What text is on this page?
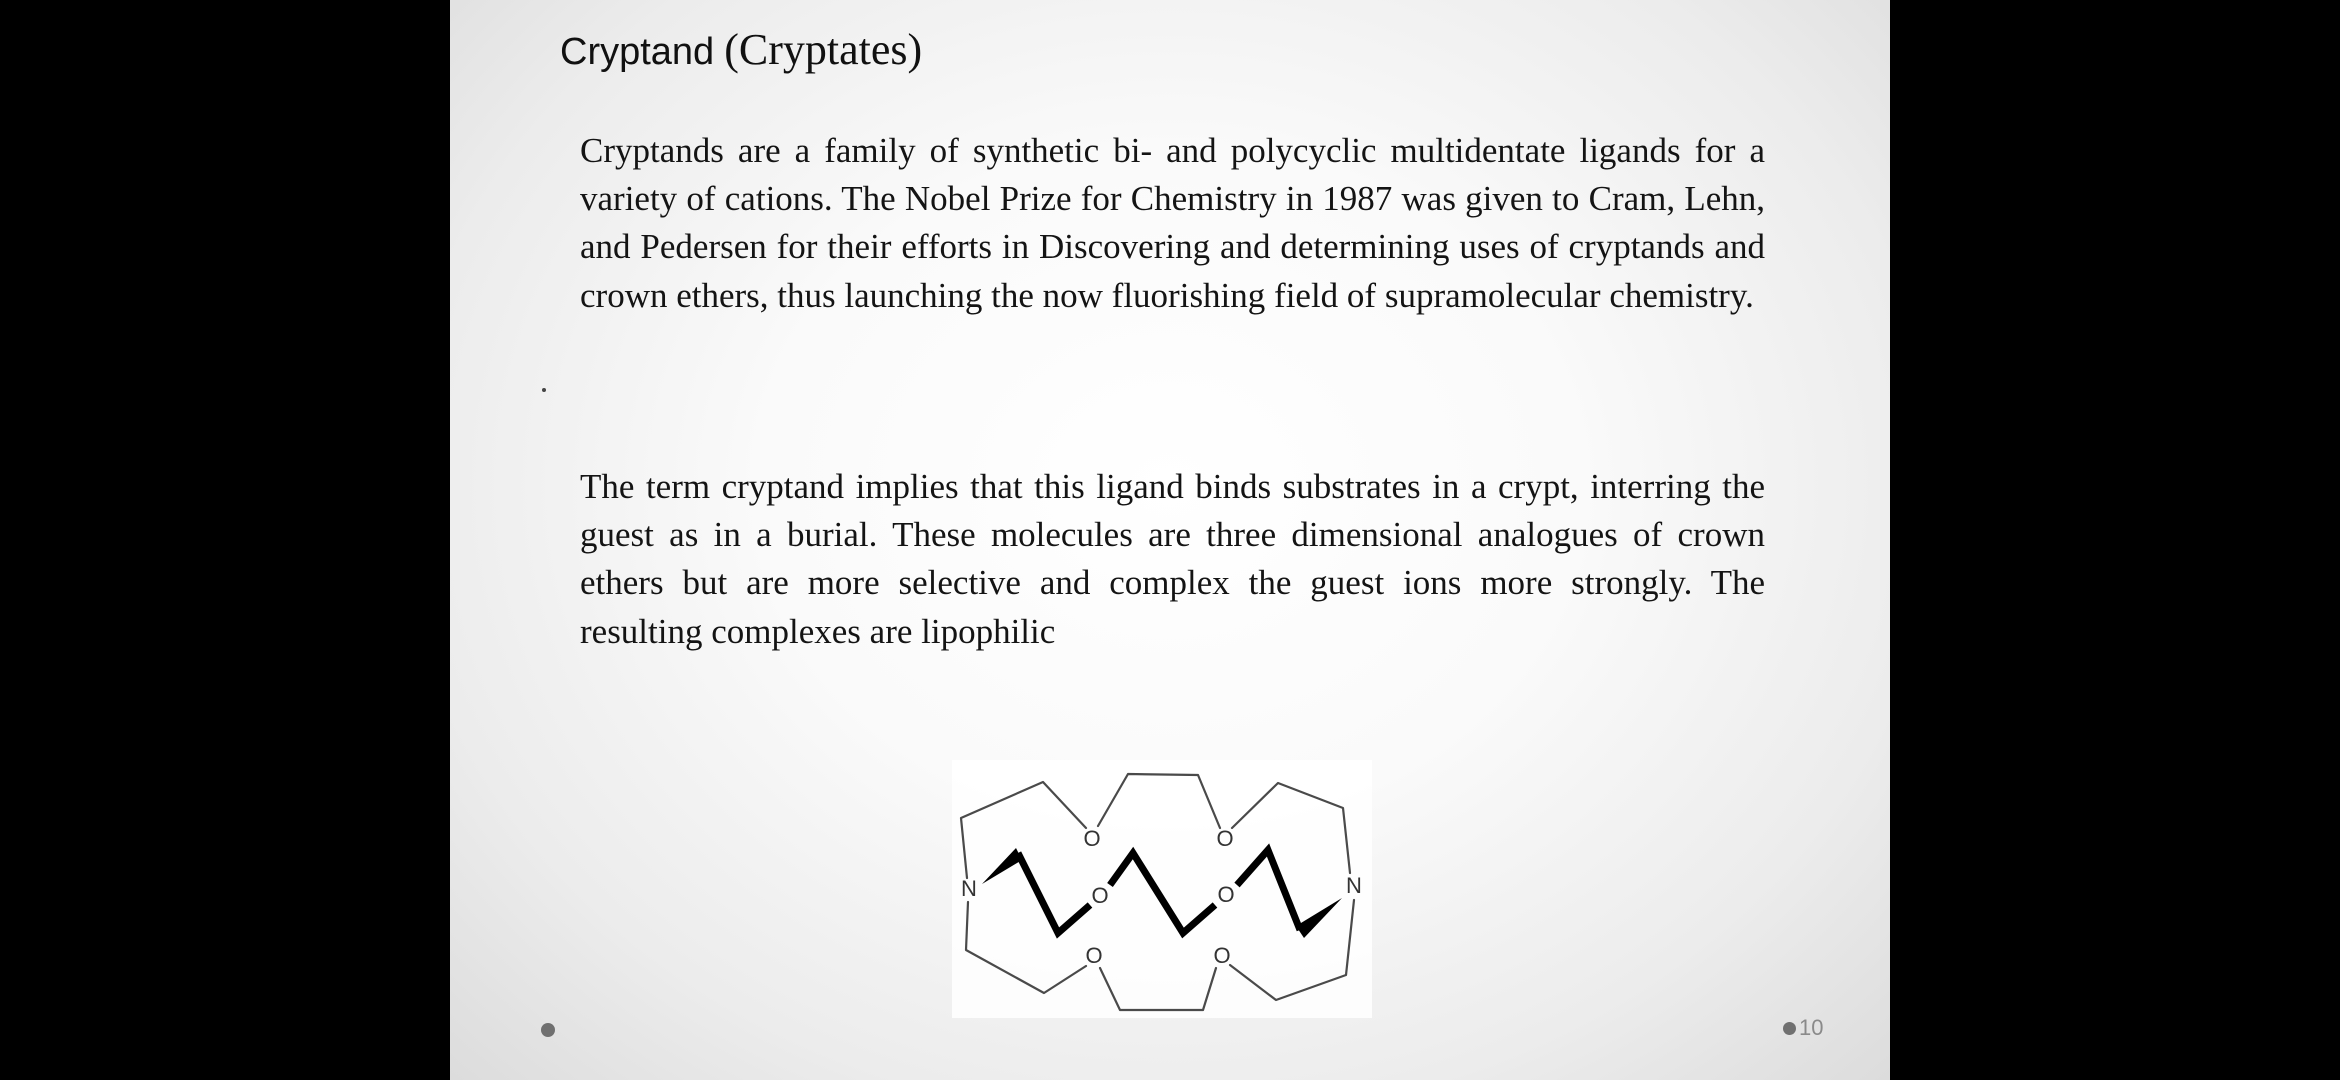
Cryptand (Cryptates)
Cryptands are a family of synthetic bi- and polycyclic multidentate ligands for a variety of cations. The Nobel Prize for Chemistry in 1987 was given to Cram, Lehn, and Pedersen for their efforts in Discovering and determining uses of cryptands and crown ethers, thus launching the now fluorishing field of supramolecular chemistry.
The term cryptand implies that this ligand binds substrates in a crypt, interring the guest as in a burial. These molecules are three dimensional analogues of crown ethers but are more selective and complex the guest ions more strongly. The resulting complexes are lipophilic
N	N
O	O
O	O
O	O
10
